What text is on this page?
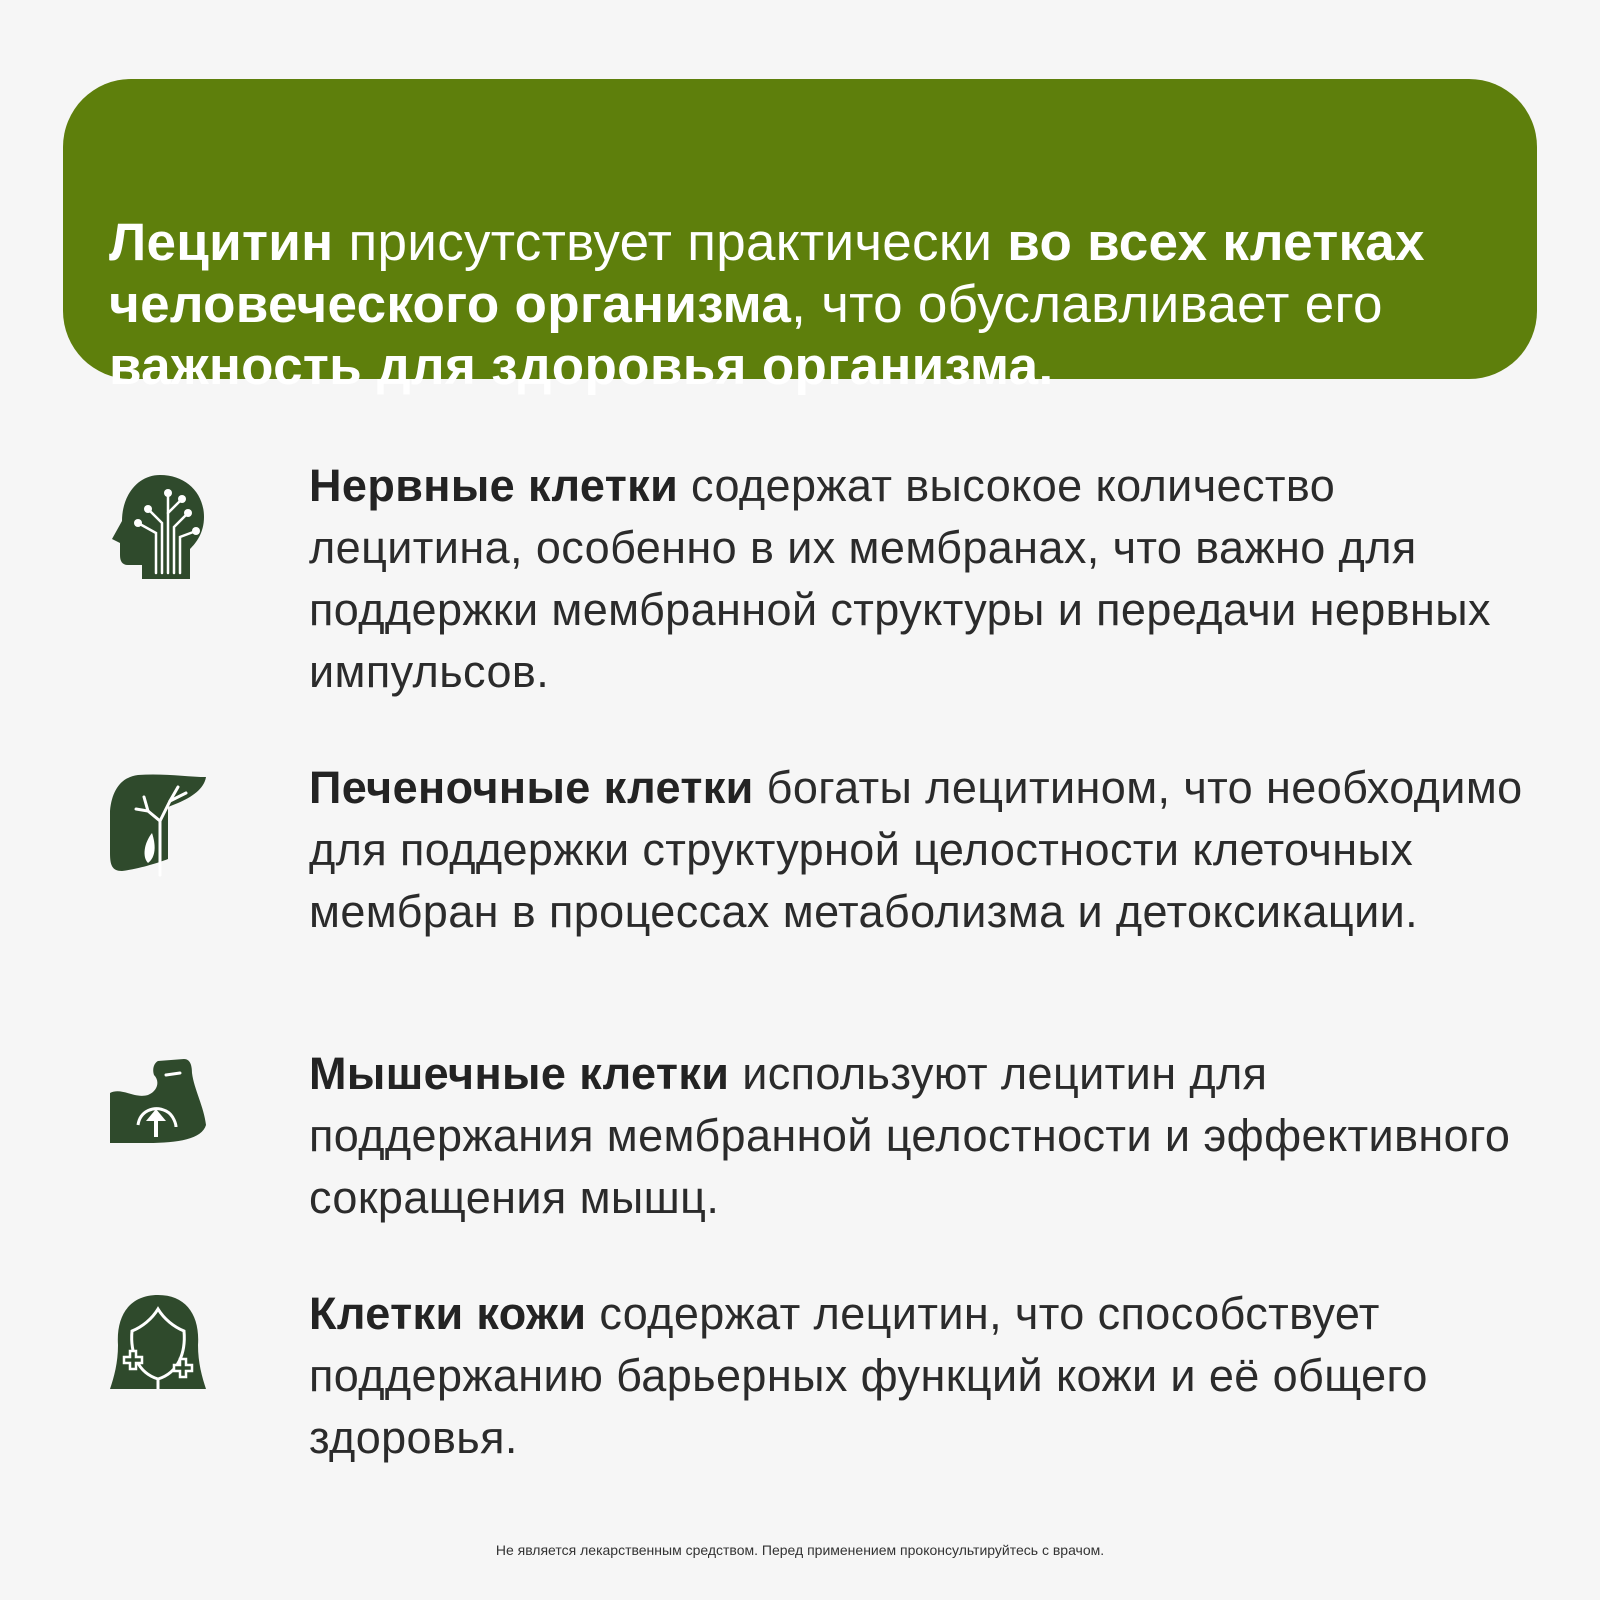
Лецитин присутствует практически во всех клетках человеческого организма, что обуславливает его важность для здоровья организма.
Нервные клетки содержат высокое количество лецитина, особенно в их мембранах, что важно для поддержки мембранной структуры и передачи нервных импульсов.
Печеночные клетки богаты лецитином, что необходимо для поддержки структурной целостности клеточных мембран в процессах метаболизма и детоксикации.
Мышечные клетки используют лецитин для поддержания мембранной целостности и эффективного сокращения мышц.
Клетки кожи содержат лецитин, что способствует поддержанию барьерных функций кожи и её общего здоровья.
Не является лекарственным средством. Перед применением проконсультируйтесь с врачом.
